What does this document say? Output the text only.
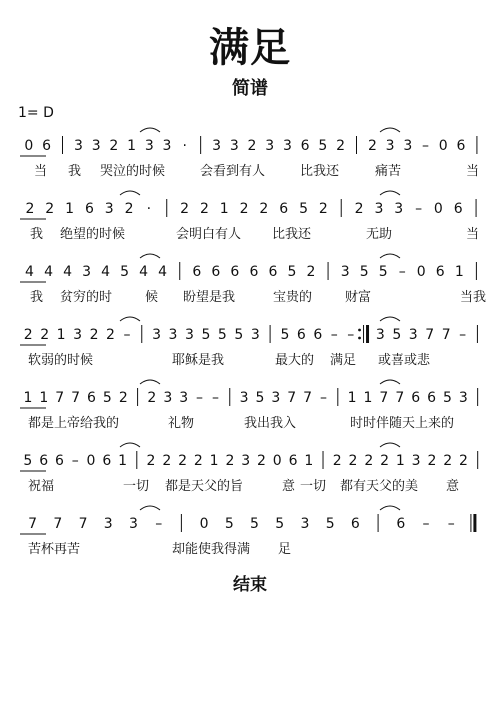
满足
简谱
1= D
0 6 3 3 2 1 3 3 · 3 3 2 3 3 6 5 2 2 3 3 – 0 6
当 我 哭泣的时候	会看到有人	比我还	痛苦	当
2 2 1 6 3 2 · 2 2 1 2 2 6 5 2 2 3 3 – 0 6
我 绝望的时候	会明白有人 比我还	无助	当
4 4 4 3 4 5 4 4 6 6 6 6 6 5 2 3 5 5 – 0 6 1
我 贫穷的时	候 盼望是我	宝贵的	财富	当我
2 2 1 3 2 2 – 3 3 3 5 5 5 3 5 6 6 – – 3 5 3 7 7 –
软弱的时候	耶稣是我	最大的 满足 或喜或悲
1 1 7 7 6 5 2 2 3 3 – – 3 5 3 7 7 – 1 1 7 7 6 6 5 3
都是上帝给我的	礼物	我出我入	时时伴随天上来的
5 6 6 – 0 6 1 2 2 2 2 1 2 3 2 0 6 1 2 2 2 2 1 3 2 2 2
祝福	一切 都是天父的旨	意 一切 都有天父的美 意
7 7 7 3 3 –	0 5 5 5 3 5 6	6 – –
苦杯再苦	却能使我得满 足
结束
